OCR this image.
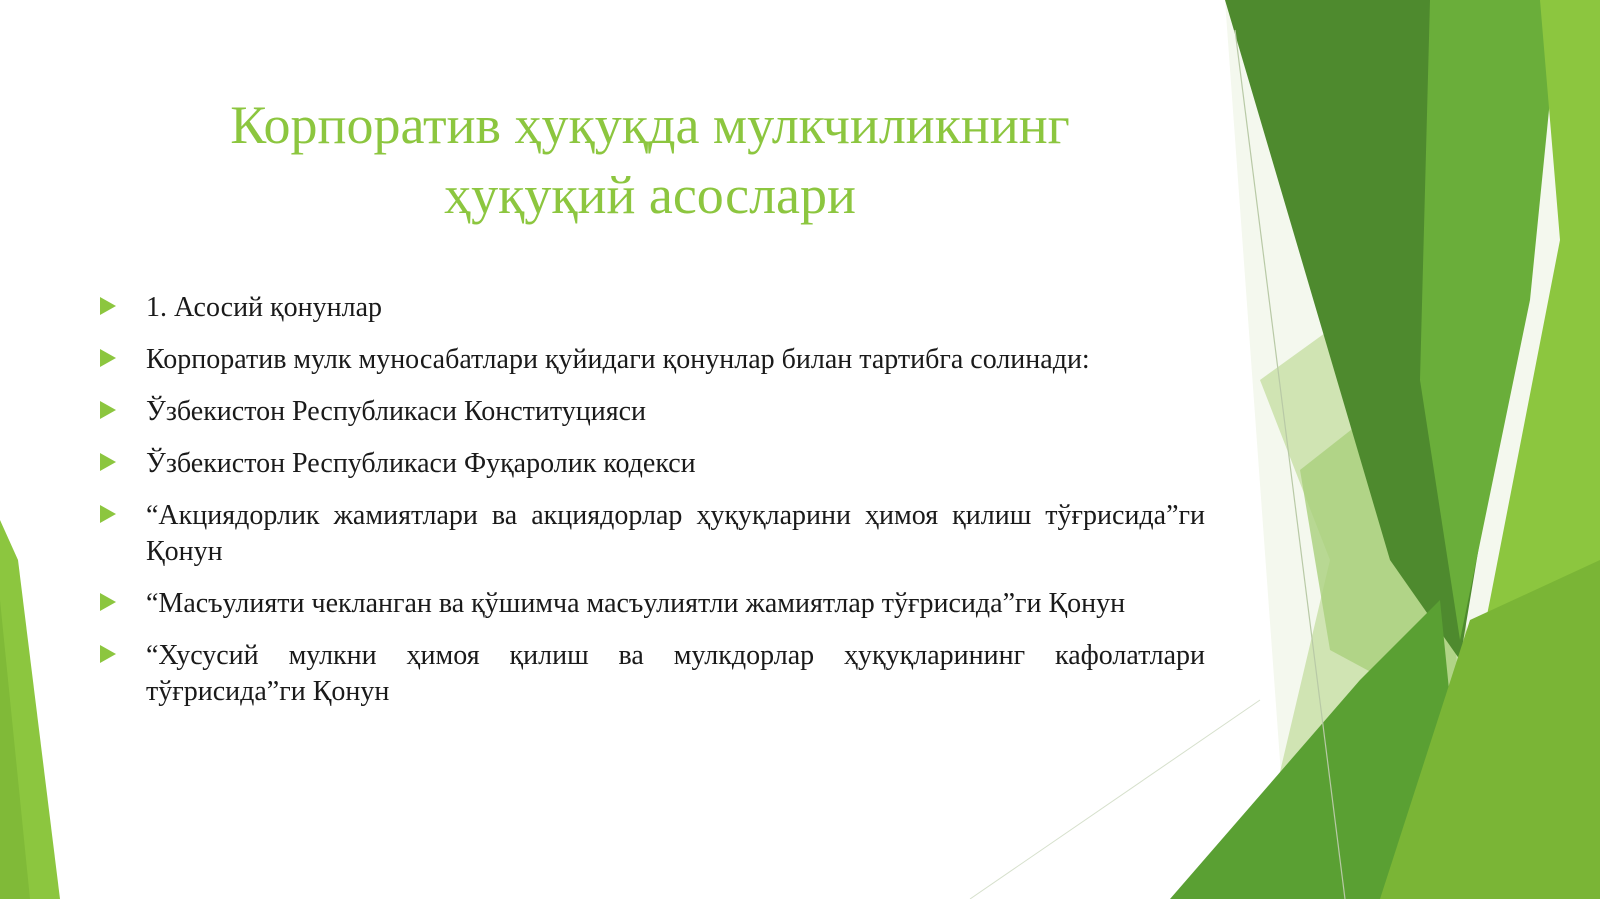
Корпоратив ҳуқуқда мулкчиликнинг
ҳуқуқий асослари
1. Асосий қонунлар
Корпоратив мулк муносабатлари қуйидаги қонунлар билан тартибга солинади:
Ўзбекистон Республикаси Конституцияси
Ўзбекистон Республикаси Фуқаролик кодекси
“Акциядорлик жамиятлари ва акциядорлар ҳуқуқларини ҳимоя қилиш тўғрисида”ги Қонун
“Масъулияти чекланган ва қўшимча масъулиятли жамиятлар тўғрисида”ги Қонун
“Хусусий мулкни ҳимоя қилиш ва мулкдорлар ҳуқуқларининг кафолатлари тўғрисида”ги Қонун
